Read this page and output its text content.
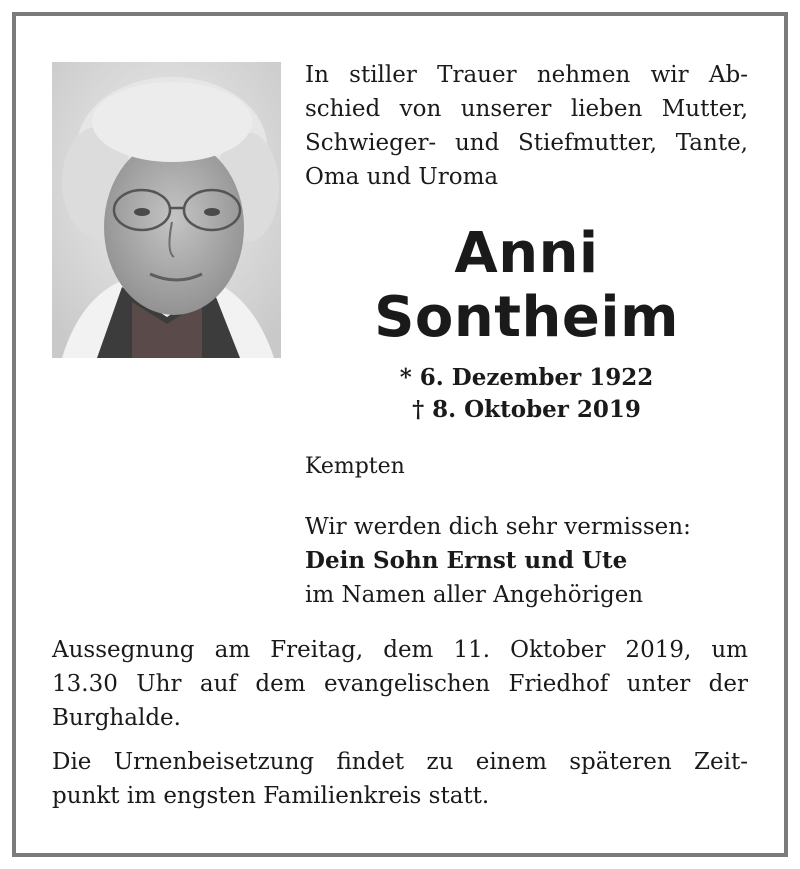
In stiller Trauer nehmen wir Ab-
schied von unserer lieben Mutter,
Schwieger- und Stiefmutter, Tante,
Oma und Uroma
Anni
Sontheim
* 6. Dezember 1922
† 8. Oktober 2019
Kempten
Wir werden dich sehr vermissen:
Dein Sohn Ernst und Ute
im Namen aller Angehörigen

Aussegnung am Freitag, dem 11. Oktober 2019, um
13.30 Uhr auf dem evangelischen Friedhof unter der
Burghalde.

Die Urnenbeisetzung findet zu einem späteren Zeit-
punkt im engsten Familienkreis statt.
